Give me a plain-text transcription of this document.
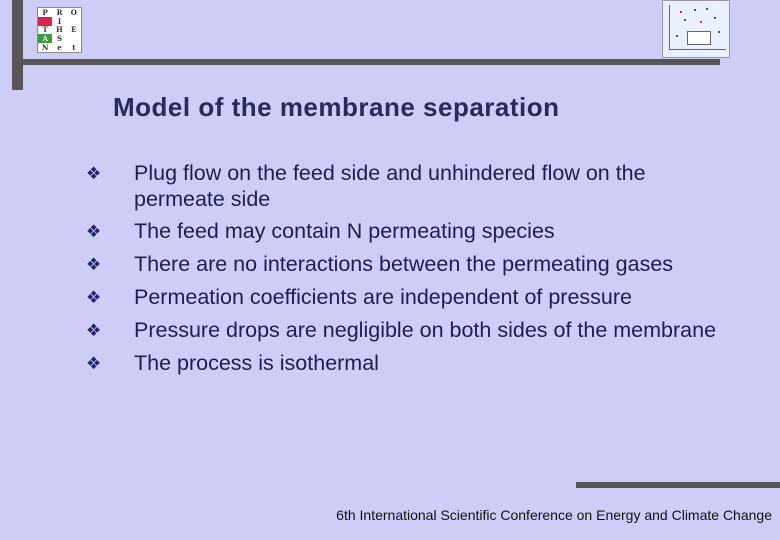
P	R	O
M	I
T	H	E
A	S
N	e	t
Model of the membrane separation
❖	Plug flow on the feed side and unhindered flow on the permeate side
❖	The feed may contain N permeating species
❖	There are no interactions between the permeating gases
❖	Permeation coefficients are independent of pressure
❖	Pressure drops are negligible on both sides of the membrane
❖	The process is isothermal
6th International Scientific Conference on Energy and Climate Change
